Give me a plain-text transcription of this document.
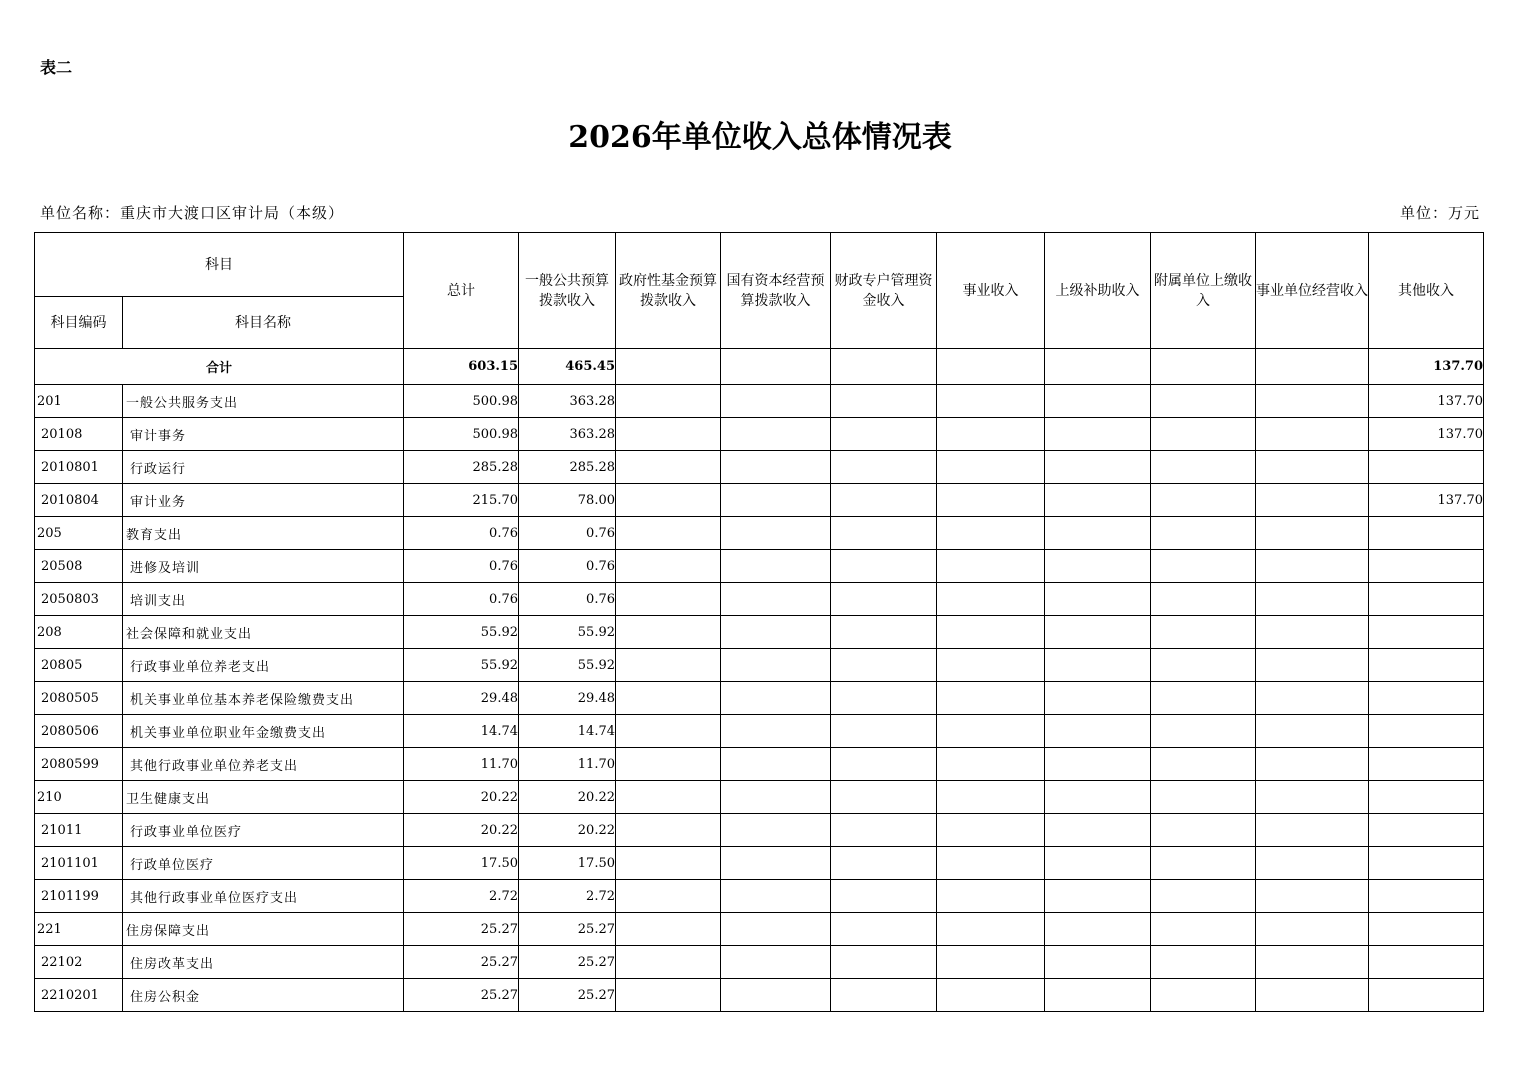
表二
2026年单位收入总体情况表
单位名称：重庆市大渡口区审计局（本级）	单位：万元
科目		总计	一般公共预算拨款收入	政府性基金预算拨款收入	国有资本经营预算拨款收入	财政专户管理资金收入	事业收入	上级补助收入	附属单位上缴收入	事业单位经营收入	其他收入
科目编码	科目名称										
合计		603.15	465.45								137.70
201	一般公共服务支出	500.98	363.28								137.70
20108	审计事务	500.98	363.28								137.70
2010801	行政运行	285.28	285.28								
2010804	审计业务	215.70	78.00								137.70
205	教育支出	0.76	0.76								
20508	进修及培训	0.76	0.76								
2050803	培训支出	0.76	0.76								
208	社会保障和就业支出	55.92	55.92								
20805	行政事业单位养老支出	55.92	55.92								
2080505	机关事业单位基本养老保险缴费支出	29.48	29.48								
2080506	机关事业单位职业年金缴费支出	14.74	14.74								
2080599	其他行政事业单位养老支出	11.70	11.70								
210	卫生健康支出	20.22	20.22								
21011	行政事业单位医疗	20.22	20.22								
2101101	行政单位医疗	17.50	17.50								
2101199	其他行政事业单位医疗支出	2.72	2.72								
221	住房保障支出	25.27	25.27								
22102	住房改革支出	25.27	25.27								
2210201	住房公积金	25.27	25.27								
